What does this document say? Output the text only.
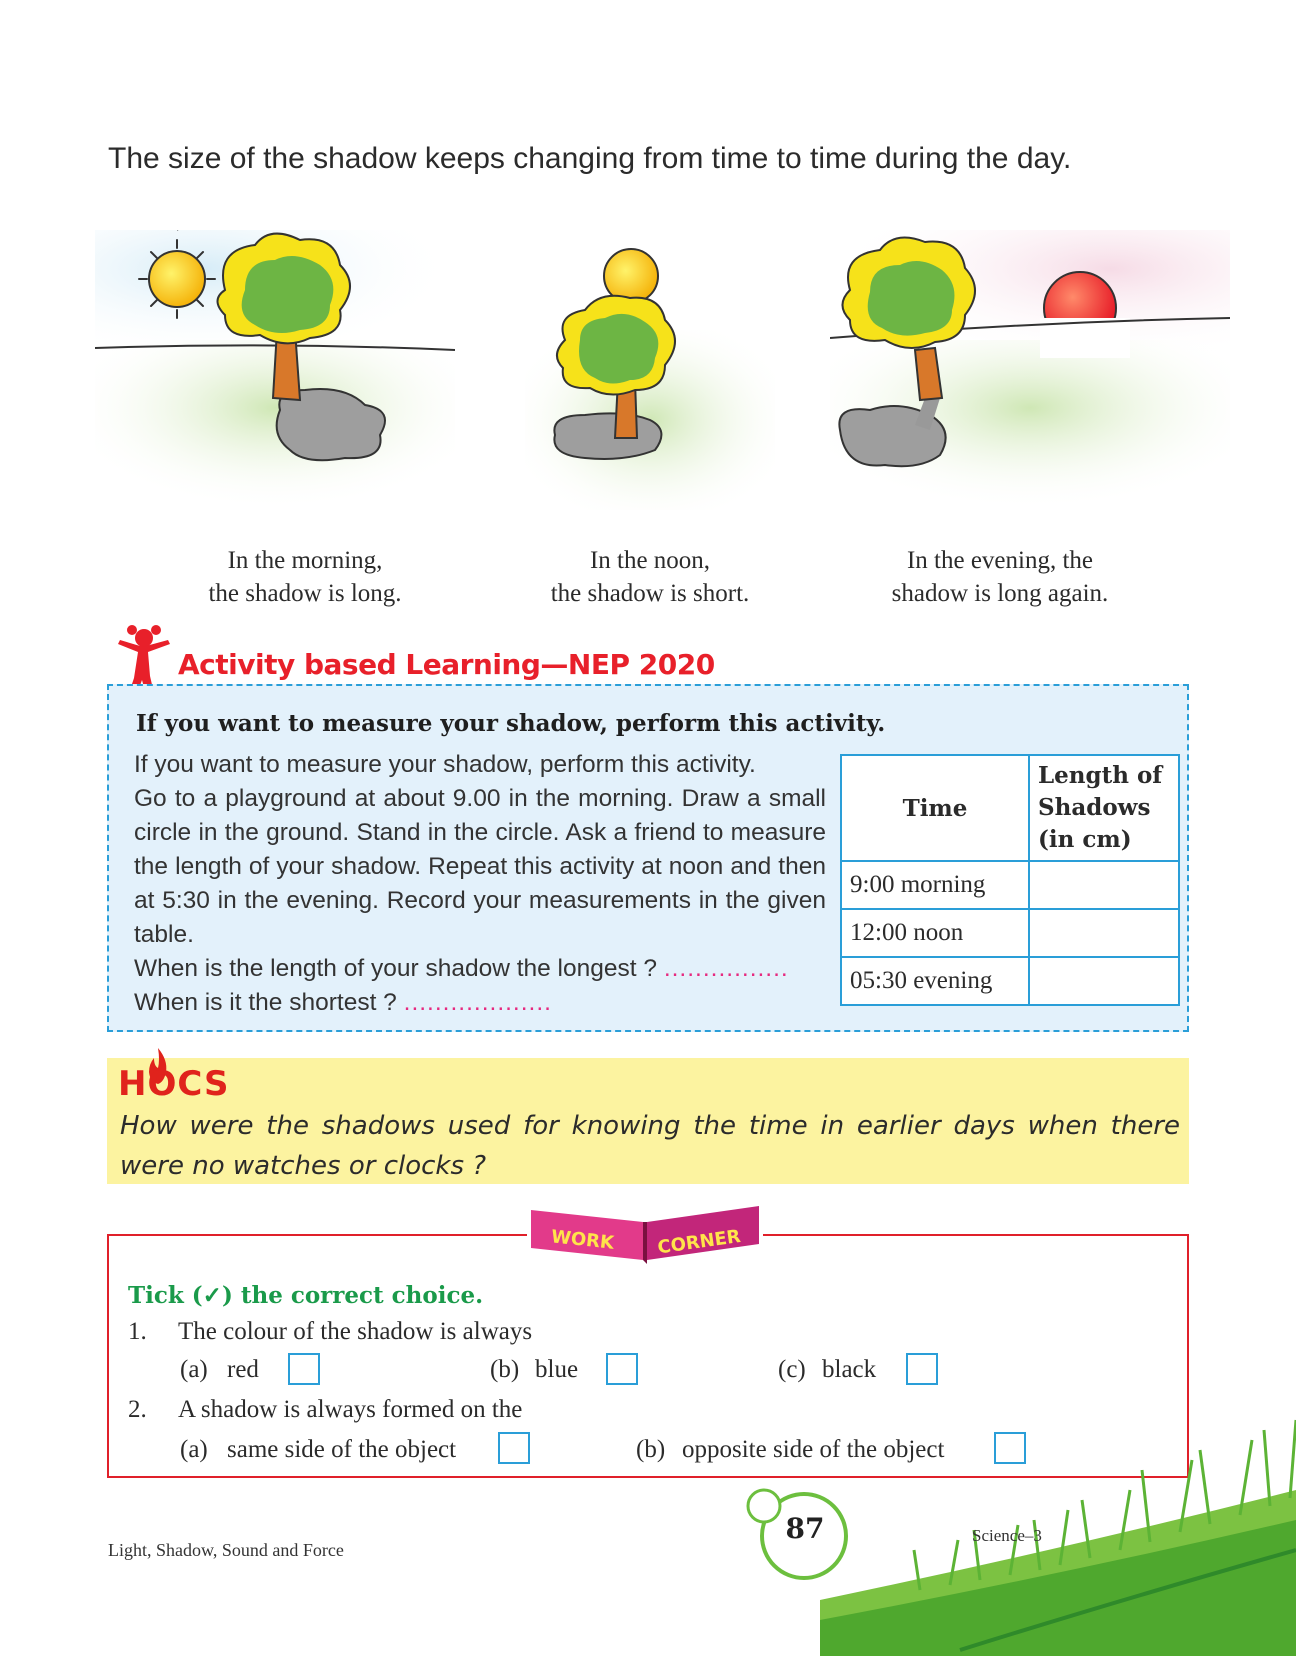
The size of the shadow keeps changing from time to time during the day.
In the morning,
the shadow is long.
In the noon,
the shadow is short.
In the evening, the
shadow is long again.
Activity based Learning—NEP 2020
If you want to measure your shadow, perform this activity.

If you want to measure your shadow, perform this activity.

Go to a playground at about 9.00 in the morning. Draw a small circle in the ground. Stand in the circle. Ask a friend to measure the length of your shadow. Repeat this activity at noon and then at 5:30 in the evening. Record your measurements in the given table.

When is the length of your shadow the longest ? ................

When is it the shortest ? ...................

Time	Length of Shadows (in cm)
9:00 morning	
12:00 noon	
05:30 evening	
HOCS
How were the shadows used for knowing the time in earlier days when there were no watches or clocks ?
WORK CORNER
Tick (✓) the correct choice.
1. The colour of the shadow is always
(a) red	(b) blue	(c) black
2. A shadow is always formed on the
(a) same side of the object	(b) opposite side of the object
87
Light, Shadow, Sound and Force
Science–3
